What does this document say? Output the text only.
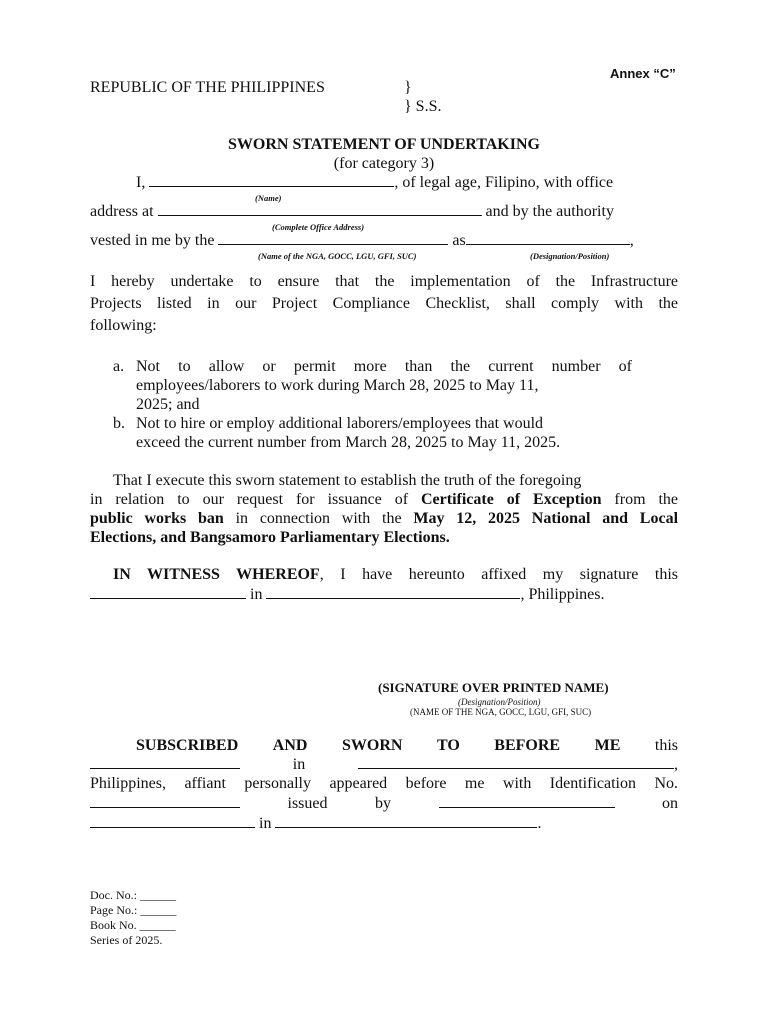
Annex “C”
REPUBLIC OF THE PHILIPPINES	}
} S.S.
SWORN STATEMENT OF UNDERTAKING
(for category 3)
I,	, of legal age, Filipino, with office
(Name)
address at	and by the authority
(Complete Office Address)
vested in me by the	as	,
(Name of the NGA, GOCC, LGU, GFI, SUC)	(Designation/Position)
I hereby undertake to ensure that the implementation of the Infrastructure
Projects listed in our Project Compliance Checklist, shall comply with the
following:
a. Not to allow or permit more than the current number of
employees/laborers to work during March 28, 2025 to May 11,
2025; and
b. Not to hire or employ additional laborers/employees that would
exceed the current number from March 28, 2025 to May 11, 2025.
That I execute this sworn statement to establish the truth of the foregoing
in relation to our request for issuance of Certificate of Exception from the
public works ban in connection with the May 12, 2025 National and Local
Elections, and Bangsamoro Parliamentary Elections.
IN WITNESS WHEREOF, I have hereunto affixed my signature this
in	, Philippines.
(SIGNATURE OVER PRINTED NAME)
(Designation/Position)
(NAME OF THE NGA, GOCC, LGU, GFI, SUC)
SUBSCRIBED AND SWORN TO BEFORE ME this
in	,
Philippines, affiant personally appeared before me with Identification No.
issued	by	on
in	.
Doc. No.: ______
Page No.: ______
Book No. ______
Series of 2025.
